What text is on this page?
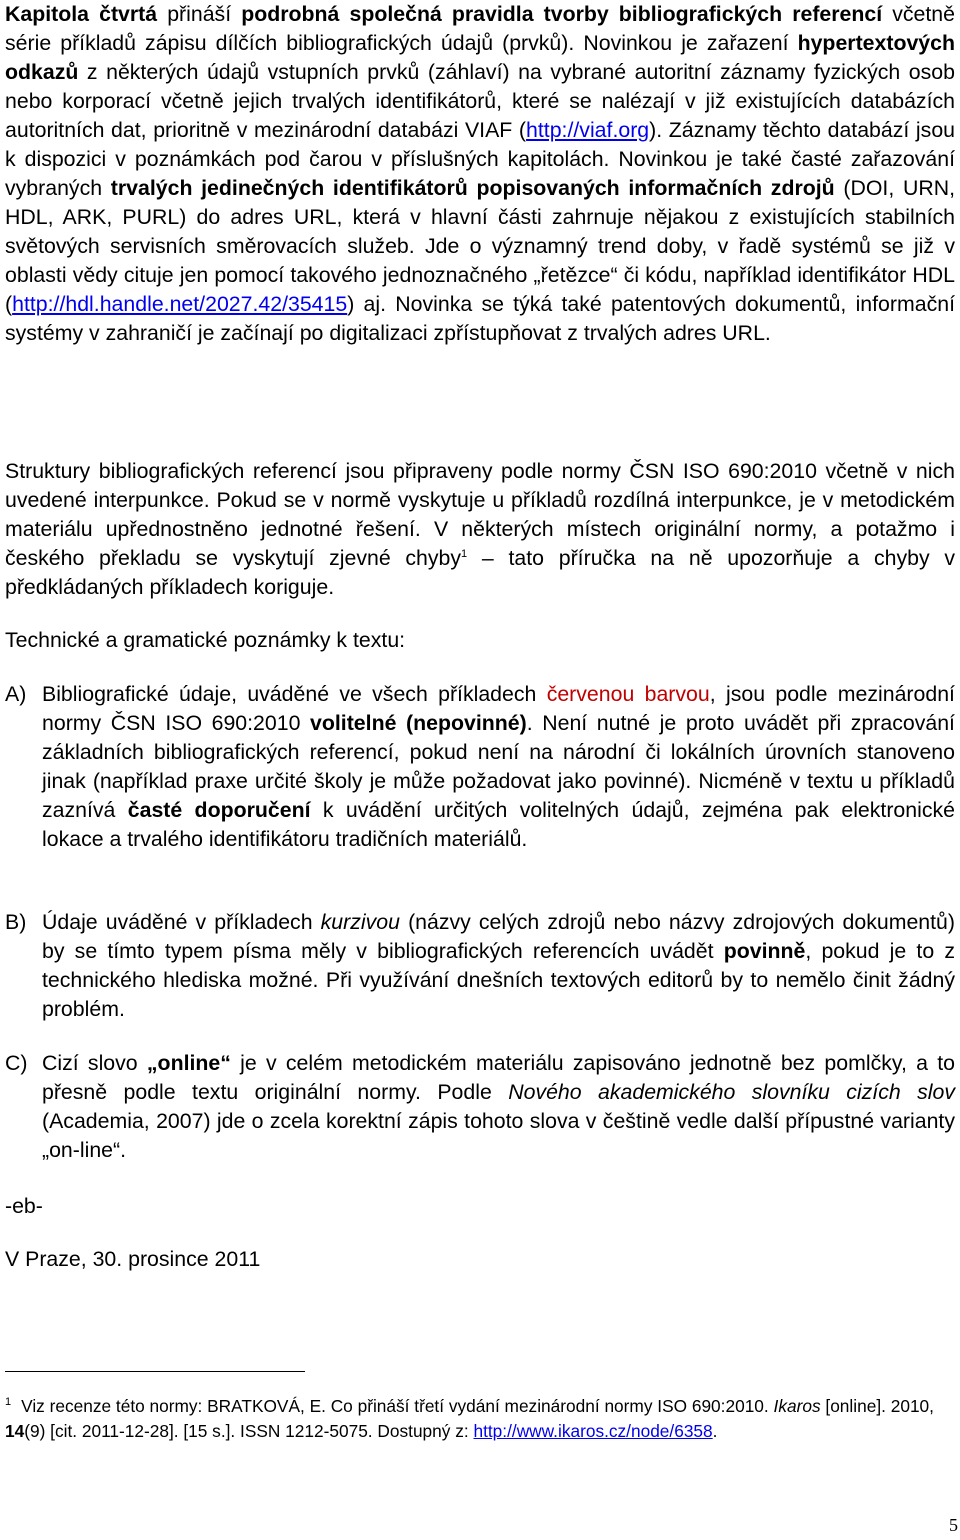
Kapitola čtvrtá přináší podrobná společná pravidla tvorby bibliografických referencí včetně série příkladů zápisu dílčích bibliografických údajů (prvků). Novinkou je zařazení hypertextových odkazů z některých údajů vstupních prvků (záhlaví) na vybrané autoritní záznamy fyzických osob nebo korporací včetně jejich trvalých identifikátorů, které se nalézají v již existujících databázích autoritních dat, prioritně v mezinárodní databázi VIAF (http://viaf.org). Záznamy těchto databází jsou k dispozici v poznámkách pod čarou v příslušných kapitolách. Novinkou je také časté zařazování vybraných trvalých jedinečných identifikátorů popisovaných informačních zdrojů (DOI, URN, HDL, ARK, PURL) do adres URL, která v hlavní části zahrnuje nějakou z existujících stabilních světových servisních směrovacích služeb. Jde o významný trend doby, v řadě systémů se již v oblasti vědy cituje jen pomocí takového jednoznačného „řetězce“ či kódu, například identifikátor HDL (http://hdl.handle.net/2027.42/35415) aj. Novinka se týká také patentových dokumentů, informační systémy v zahraničí je začínají po digitalizaci zpřístupňovat z trvalých adres URL.
Struktury bibliografických referencí jsou připraveny podle normy ČSN ISO 690:2010 včetně v nich uvedené interpunkce. Pokud se v normě vyskytuje u příkladů rozdílná interpunkce, je v metodickém materiálu upřednostněno jednotné řešení. V některých místech originální normy, a potažmo i českého překladu se vyskytují zjevné chyby$^1$ – tato příručka na ně upozorňuje a chyby v předkládaných příkladech koriguje.
Technické a gramatické poznámky k textu:
A) Bibliografické údaje, uváděné ve všech příkladech červenou barvou, jsou podle mezinárodní normy ČSN ISO 690:2010 volitelné (nepovinné). Není nutné je proto uvádět při zpracování základních bibliografických referencí, pokud není na národní či lokálních úrovních stanoveno jinak (například praxe určité školy je může požadovat jako povinné). Nicméně v textu u příkladů zaznívá časté doporučení k uvádění určitých volitelných údajů, zejména pak elektronické lokace a trvalého identifikátoru tradičních materiálů.
B) Údaje uváděné v příkladech kurzivou (názvy celých zdrojů nebo názvy zdrojových dokumentů) by se tímto typem písma měly v bibliografických referencích uvádět povinně, pokud je to z technického hlediska možné. Při využívání dnešních textových editorů by to nemělo činit žádný problém.
C) Cizí slovo „online“ je v celém metodickém materiálu zapisováno jednotně bez pomlčky, a to přesně podle textu originální normy. Podle Nového akademického slovníku cizích slov (Academia, 2007) jde o zcela korektní zápis tohoto slova v češtině vedle další přípustné varianty „on-line“.
-eb-
V Praze, 30. prosince 2011
$^1$ Viz recenze této normy: BRATKOVÁ, E. Co přináší třetí vydání mezinárodní normy ISO 690:2010. Ikaros [online]. 2010, 14(9) [cit. 2011-12-28]. [15 s.]. ISSN 1212-5075. Dostupný z: http://www.ikaros.cz/node/6358.
5
